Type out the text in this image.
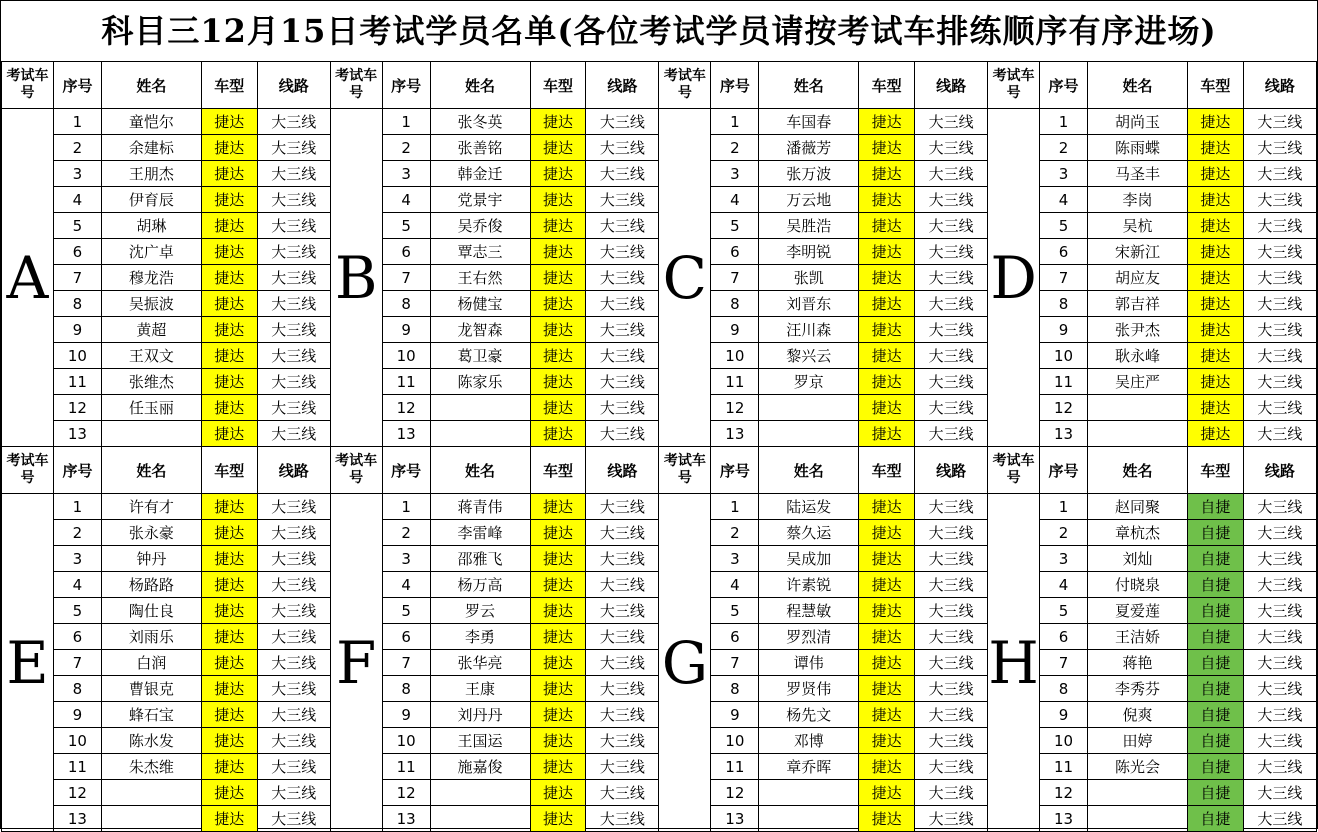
科目三12月15日考试学员名单(各位考试学员请按考试车排练顺序有序进场)
考试车号	序号	姓名	车型	线路	考试车号	序号	姓名	车型	线路	考试车号	序号	姓名	车型	线路	考试车号	序号	姓名	车型	线路
A	1	童恺尔	捷达	大三线	B	1	张冬英	捷达	大三线	C	1	车国春	捷达	大三线	D	1	胡尚玉	捷达	大三线
	2	余建标	捷达	大三线		2	张善铭	捷达	大三线		2	潘薇芳	捷达	大三线		2	陈雨蝶	捷达	大三线
	3	王朋杰	捷达	大三线		3	韩金迁	捷达	大三线		3	张万波	捷达	大三线		3	马圣丰	捷达	大三线
	4	伊育辰	捷达	大三线		4	党景宇	捷达	大三线		4	万云地	捷达	大三线		4	李岗	捷达	大三线
	5	胡琳	捷达	大三线		5	吴乔俊	捷达	大三线		5	吴胜浩	捷达	大三线		5	吴杭	捷达	大三线
	6	沈广卓	捷达	大三线		6	覃志三	捷达	大三线		6	李明锐	捷达	大三线		6	宋新江	捷达	大三线
	7	穆龙浩	捷达	大三线		7	王右然	捷达	大三线		7	张凯	捷达	大三线		7	胡应友	捷达	大三线
	8	吴振波	捷达	大三线		8	杨健宝	捷达	大三线		8	刘晋东	捷达	大三线		8	郭吉祥	捷达	大三线
	9	黄超	捷达	大三线		9	龙智森	捷达	大三线		9	汪川森	捷达	大三线		9	张尹杰	捷达	大三线
	10	王双文	捷达	大三线		10	葛卫豪	捷达	大三线		10	黎兴云	捷达	大三线		10	耿永峰	捷达	大三线
	11	张维杰	捷达	大三线		11	陈家乐	捷达	大三线		11	罗京	捷达	大三线		11	吴庄严	捷达	大三线
	12	任玉丽	捷达	大三线		12		捷达	大三线		12		捷达	大三线		12		捷达	大三线
	13		捷达	大三线		13		捷达	大三线		13		捷达	大三线		13		捷达	大三线
考试车号	序号	姓名	车型	线路	考试车号	序号	姓名	车型	线路	考试车号	序号	姓名	车型	线路	考试车号	序号	姓名	车型	线路
E	1	许有才	捷达	大三线	F	1	蒋青伟	捷达	大三线	G	1	陆运发	捷达	大三线	H	1	赵同聚	自捷	大三线
	2	张永豪	捷达	大三线		2	李雷峰	捷达	大三线		2	蔡久运	捷达	大三线		2	章杭杰	自捷	大三线
	3	钟丹	捷达	大三线		3	邵雅飞	捷达	大三线		3	吴成加	捷达	大三线		3	刘灿	自捷	大三线
	4	杨路路	捷达	大三线		4	杨万高	捷达	大三线		4	许素锐	捷达	大三线		4	付晓泉	自捷	大三线
	5	陶仕良	捷达	大三线		5	罗云	捷达	大三线		5	程慧敏	捷达	大三线		5	夏爱莲	自捷	大三线
	6	刘雨乐	捷达	大三线		6	李勇	捷达	大三线		6	罗烈清	捷达	大三线		6	王洁娇	自捷	大三线
	7	白润	捷达	大三线		7	张华亮	捷达	大三线		7	谭伟	捷达	大三线		7	蒋艳	自捷	大三线
	8	曹银克	捷达	大三线		8	王康	捷达	大三线		8	罗贤伟	捷达	大三线		8	李秀芬	自捷	大三线
	9	蜂石宝	捷达	大三线		9	刘丹丹	捷达	大三线		9	杨先文	捷达	大三线		9	倪爽	自捷	大三线
	10	陈水发	捷达	大三线		10	王国运	捷达	大三线		10	邓博	捷达	大三线		10	田婷	自捷	大三线
	11	朱杰维	捷达	大三线		11	施嘉俊	捷达	大三线		11	章乔晖	捷达	大三线		11	陈光会	自捷	大三线
	12		捷达	大三线		12		捷达	大三线		12		捷达	大三线		12		自捷	大三线
	13		捷达	大三线		13		捷达	大三线		13		捷达	大三线		13		自捷	大三线
